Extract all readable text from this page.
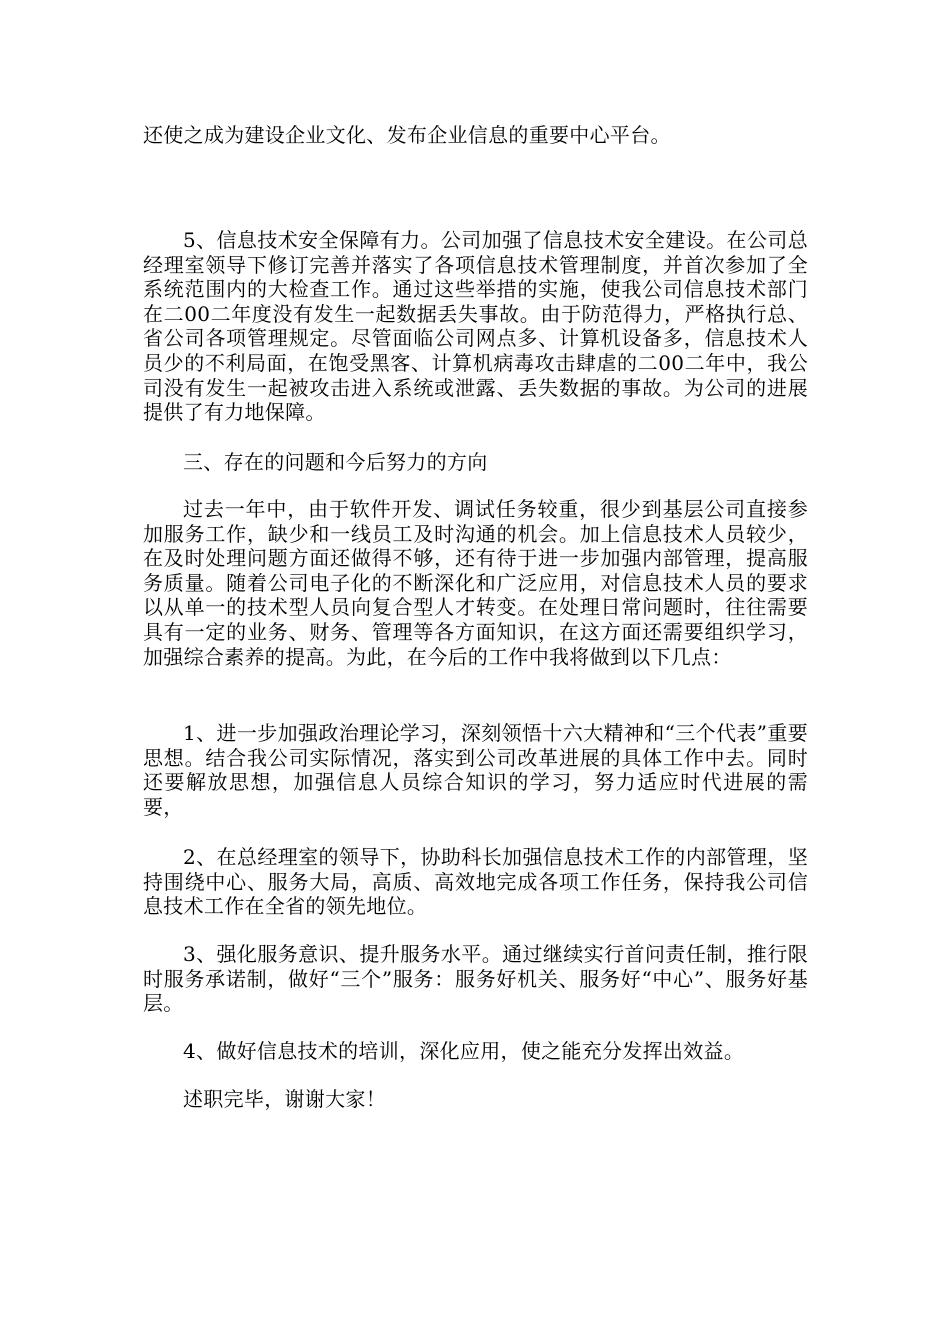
还使之成为建设企业文化、发布企业信息的重要中心平台。

5、信息技术安全保障有力。公司加强了信息技术安全建设。在公司总经理室领导下修订完善并落实了各项信息技术管理制度，并首次参加了全系统范围内的大检查工作。通过这些举措的实施，使我公司信息技术部门在二00二年度没有发生一起数据丢失事故。由于防范得力，严格执行总、省公司各项管理规定。尽管面临公司网点多、计算机设备多，信息技术人员少的不利局面，在饱受黑客、计算机病毒攻击肆虐的二00二年中，我公司没有发生一起被攻击进入系统或泄露、丢失数据的事故。为公司的进展提供了有力地保障。

三、存在的问题和今后努力的方向

过去一年中，由于软件开发、调试任务较重，很少到基层公司直接参加服务工作，缺少和一线员工及时沟通的机会。加上信息技术人员较少，在及时处理问题方面还做得不够，还有待于进一步加强内部管理，提高服务质量。随着公司电子化的不断深化和广泛应用，对信息技术人员的要求以从单一的技术型人员向复合型人才转变。在处理日常问题时，往往需要具有一定的业务、财务、管理等各方面知识，在这方面还需要组织学习，加强综合素养的提高。为此，在今后的工作中我将做到以下几点：

1、进一步加强政治理论学习，深刻领悟十六大精神和“三个代表”重要思想。结合我公司实际情况，落实到公司改革进展的具体工作中去。同时还要解放思想，加强信息人员综合知识的学习，努力适应时代进展的需要，

2、在总经理室的领导下，协助科长加强信息技术工作的内部管理，坚持围绕中心、服务大局，高质、高效地完成各项工作任务，保持我公司信息技术工作在全省的领先地位。

3、强化服务意识、提升服务水平。通过继续实行首问责任制，推行限时服务承诺制，做好“三个”服务：服务好机关、服务好“中心”、服务好基层。

4、做好信息技术的培训，深化应用，使之能充分发挥出效益。

述职完毕，谢谢大家！
